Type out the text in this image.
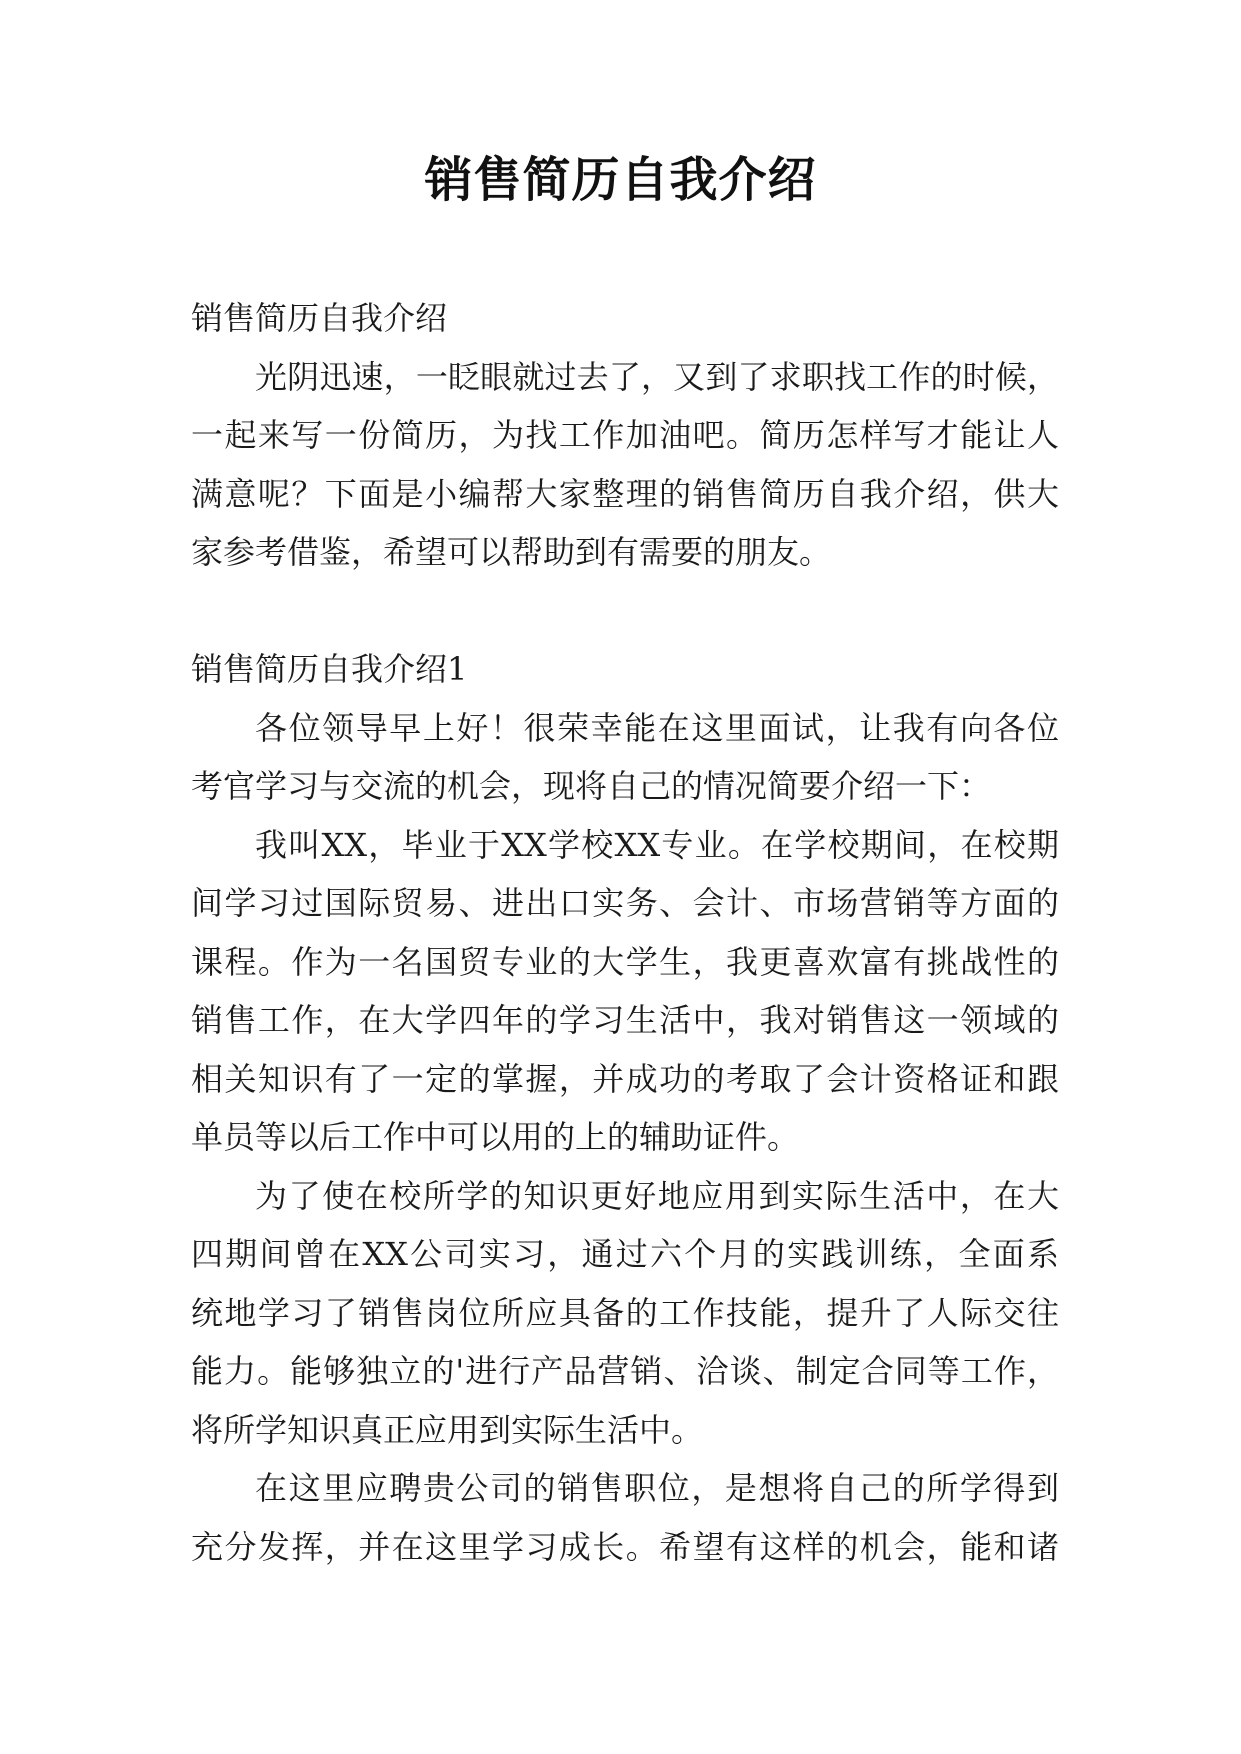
销售简历自我介绍
销售简历自我介绍
光阴迅速，一眨眼就过去了，又到了求职找工作的时候，
一起来写一份简历，为找工作加油吧。简历怎样写才能让人
满意呢？下面是小编帮大家整理的销售简历自我介绍，供大
家参考借鉴，希望可以帮助到有需要的朋友。
销售简历自我介绍1
各位领导早上好！很荣幸能在这里面试，让我有向各位
考官学习与交流的机会，现将自己的情况简要介绍一下：
我叫XX，毕业于XX学校XX专业。在学校期间，在校期
间学习过国际贸易、进出口实务、会计、市场营销等方面的
课程。作为一名国贸专业的大学生，我更喜欢富有挑战性的
销售工作，在大学四年的学习生活中，我对销售这一领域的
相关知识有了一定的掌握，并成功的考取了会计资格证和跟
单员等以后工作中可以用的上的辅助证件。
为了使在校所学的知识更好地应用到实际生活中，在大
四期间曾在XX公司实习，通过六个月的实践训练，全面系
统地学习了销售岗位所应具备的工作技能，提升了人际交往
能力。能够独立的'进行产品营销、洽谈、制定合同等工作，
将所学知识真正应用到实际生活中。
在这里应聘贵公司的销售职位，是想将自己的所学得到
充分发挥，并在这里学习成长。希望有这样的机会，能和诸
